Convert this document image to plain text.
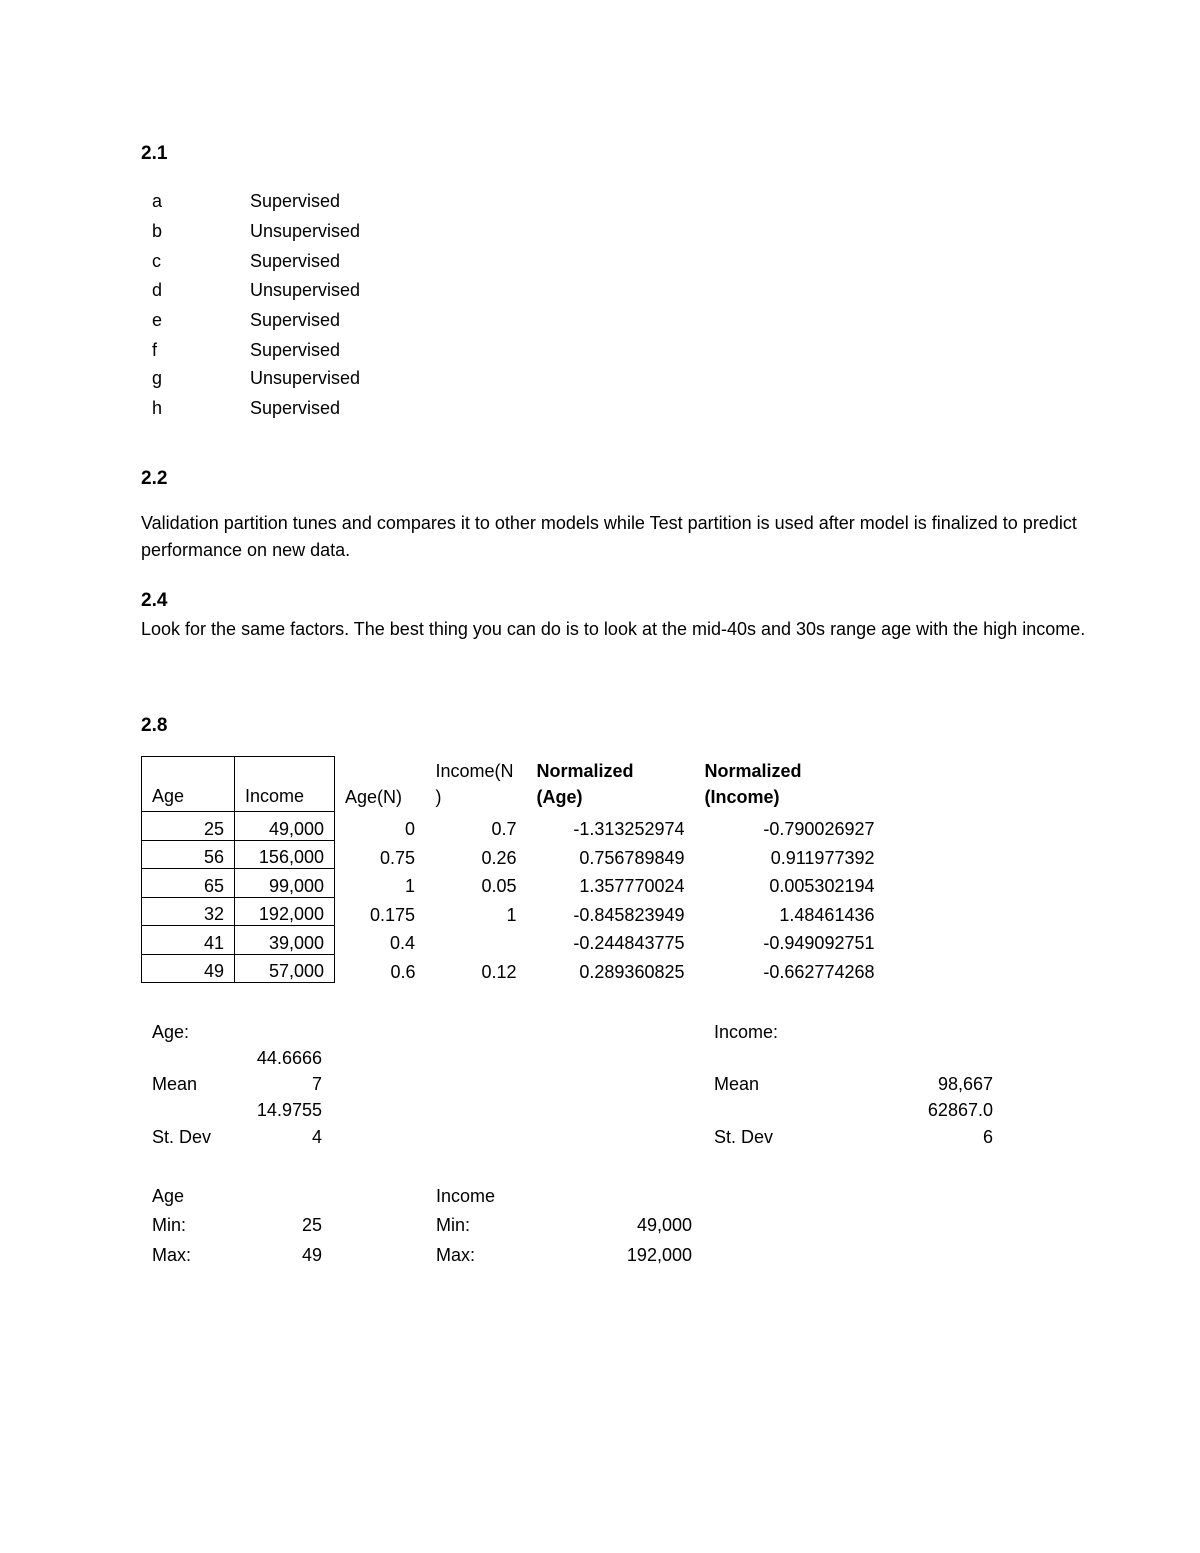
2.1
a	Supervised
b	Unsupervised
c	Supervised
d	Unsupervised
e	Supervised
f	Supervised
g	Unsupervised
h	Supervised
2.2
Validation partition tunes and compares it to other models while Test partition is used after model is finalized to predict performance on new data.
2.4
Look for the same factors. The best thing you can do is to look at the mid-40s and 30s range age with the high income.
2.8
Age	Income	Age(N)	Income(N )	Normalized (Age)	Normalized (Income)
25	49,000	0	0.7	-1.313252974	-0.790026927
56	156,000	0.75	0.26	0.756789849	0.911977392
65	99,000	1	0.05	1.357770024	0.005302194
32	192,000	0.175	1	-0.845823949	1.48461436
41	39,000	0.4		-0.244843775	-0.949092751
49	57,000	0.6	0.12	0.289360825	-0.662774268
Age:
44.6666
Mean	7
14.9755
St. Dev	4
Income:
Mean	98,667
62867.0
St. Dev	6
Age
Min:	25
Max:	49
Income
Min:	49,000
Max:	192,000
